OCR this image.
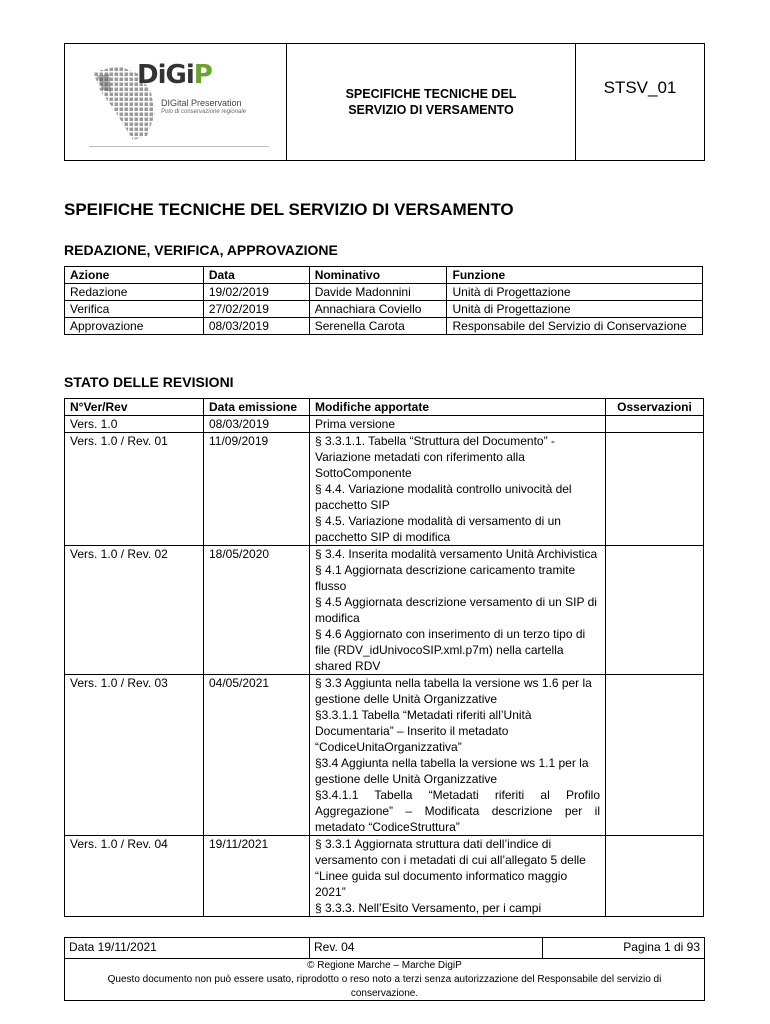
DiGiP
DIGital Preservation
Polo di conservazione regionale
SPECIFICHE TECNICHE DEL SERVIZIO DI VERSAMENTO
STSV_01
SPEIFICHE TECNICHE DEL SERVIZIO DI VERSAMENTO
REDAZIONE, VERIFICA, APPROVAZIONE
Azione	Data	Nominativo	Funzione
Redazione	19/02/2019	Davide Madonnini	Unità di Progettazione
Verifica	27/02/2019	Annachiara Coviello	Unità di Progettazione
Approvazione	08/03/2019	Serenella Carota	Responsabile del Servizio di Conservazione
STATO DELLE REVISIONI
N°Ver/Rev	Data emissione	Modifiche apportate	Osservazioni
Vers. 1.0	08/03/2019	Prima versione	

Vers. 1.0 / Rev. 01	11/09/2019	§ 3.3.1.1. Tabella “Struttura del Documento” - Variazione metadati con riferimento alla SottoComponente
§ 4.4. Variazione modalità controllo univocità del pacchetto SIP
§ 4.5. Variazione modalità di versamento di un pacchetto SIP di modifica	

Vers. 1.0 / Rev. 02	18/05/2020	§ 3.4. Inserita modalità versamento Unità Archivistica
§ 4.1 Aggiornata descrizione caricamento tramite flusso
§ 4.5 Aggiornata descrizione versamento di un SIP di modifica
§ 4.6 Aggiornato con inserimento di un terzo tipo di file (RDV_idUnivocoSIP.xml.p7m) nella cartella shared RDV	

Vers. 1.0 / Rev. 03	04/05/2021	§ 3.3 Aggiunta nella tabella la versione ws 1.6 per la gestione delle Unità Organizzative
§3.3.1.1 Tabella “Metadati riferiti all’Unità Documentaria” – Inserito il metadato “CodiceUnitaOrganizzativa”
§3.4 Aggiunta nella tabella la versione ws 1.1 per la gestione delle Unità Organizzative
§3.4.1.1 Tabella “Metadati riferiti al Profilo Aggregazione” – Modificata descrizione per il metadato “CodiceStruttura”	

Vers. 1.0 / Rev. 04	19/11/2021	§ 3.3.1 Aggiornata struttura dati dell’indice di versamento con i metadati di cui all’allegato 5 delle “Linee guida sul documento informatico maggio 2021”
§ 3.3.3. Nell’Esito Versamento, per i campi	

Data 19/11/2021	Rev. 04	Pagina 1 di 93
© Regione Marche – Marche DigiP
Questo documento non può essere usato, riprodotto o reso noto a terzi senza autorizzazione del Responsabile del servizio di conservazione.
